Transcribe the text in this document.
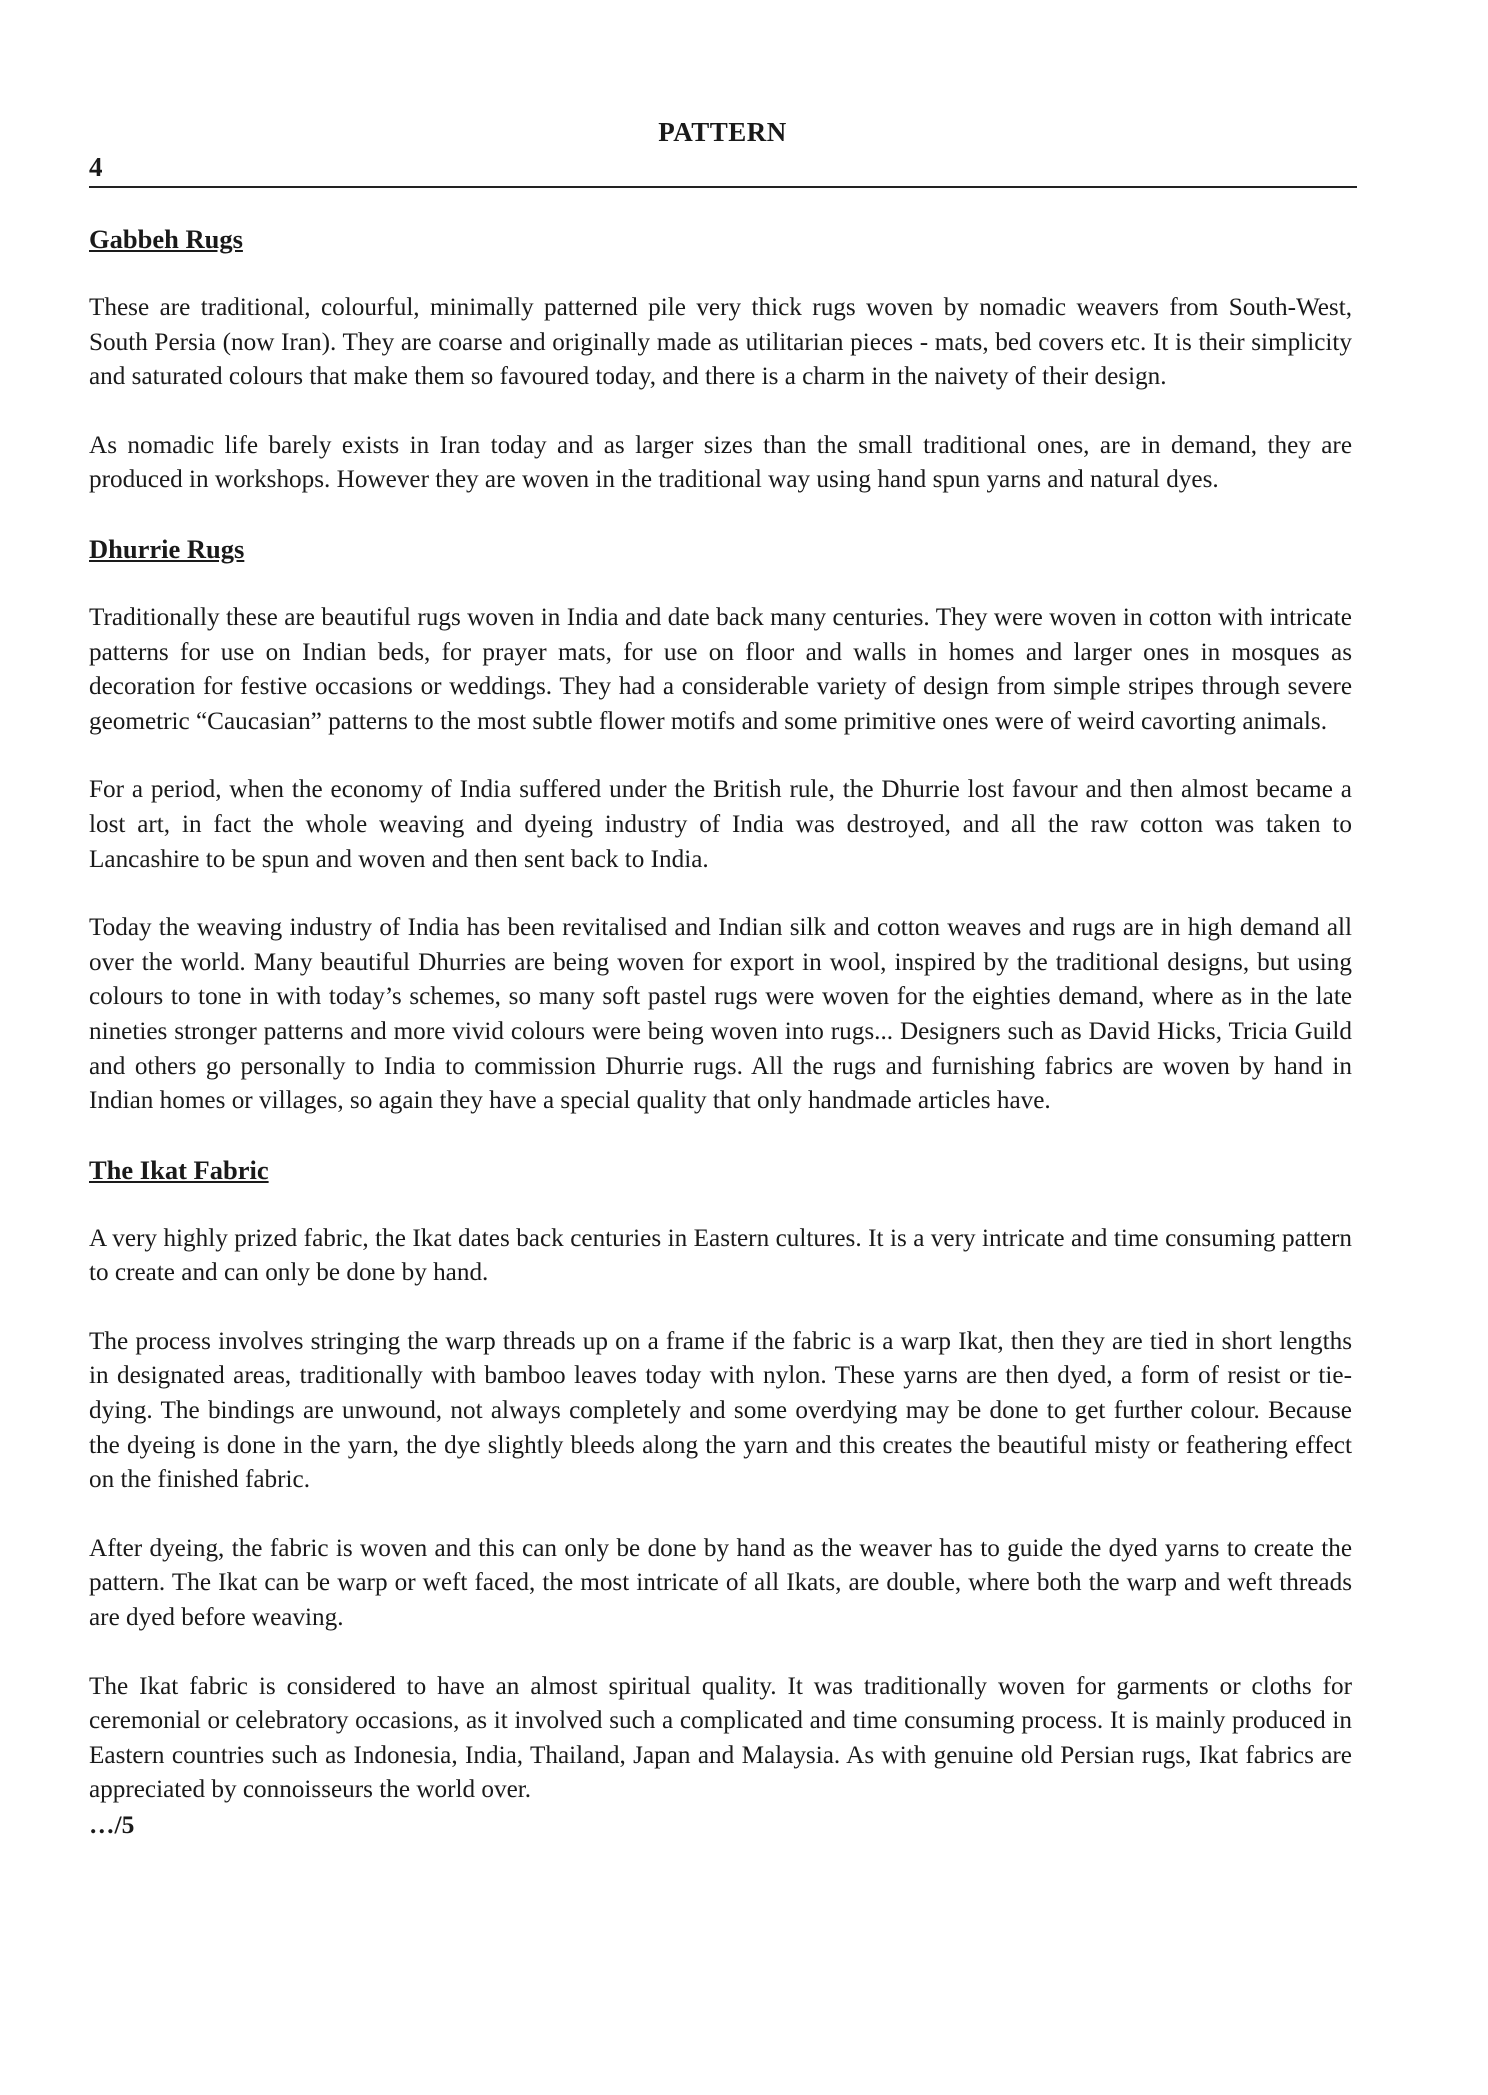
PATTERN
4
Gabbeh Rugs

These are traditional, colourful, minimally patterned pile very thick rugs woven by nomadic weavers from South-West, South Persia (now Iran). They are coarse and originally made as utilitarian pieces - mats, bed covers etc. It is their simplicity and saturated colours that make them so favoured today, and there is a charm in the naivety of their design.

As nomadic life barely exists in Iran today and as larger sizes than the small traditional ones, are in demand, they are produced in workshops. However they are woven in the traditional way using hand spun yarns and natural dyes.

Dhurrie Rugs

Traditionally these are beautiful rugs woven in India and date back many centuries. They were woven in cotton with intricate patterns for use on Indian beds, for prayer mats, for use on floor and walls in homes and larger ones in mosques as decoration for festive occasions or weddings. They had a considerable variety of design from simple stripes through severe geometric “Caucasian” patterns to the most subtle flower motifs and some primitive ones were of weird cavorting animals.

For a period, when the economy of India suffered under the British rule, the Dhurrie lost favour and then almost became a lost art, in fact the whole weaving and dyeing industry of India was destroyed, and all the raw cotton was taken to Lancashire to be spun and woven and then sent back to India.

Today the weaving industry of India has been revitalised and Indian silk and cotton weaves and rugs are in high demand all over the world. Many beautiful Dhurries are being woven for export in wool, inspired by the traditional designs, but using colours to tone in with today’s schemes, so many soft pastel rugs were woven for the eighties demand, where as in the late nineties stronger patterns and more vivid colours were being woven into rugs... Designers such as David Hicks, Tricia Guild and others go personally to India to commission Dhurrie rugs. All the rugs and furnishing fabrics are woven by hand in Indian homes or villages, so again they have a special quality that only handmade articles have.

The Ikat Fabric

A very highly prized fabric, the Ikat dates back centuries in Eastern cultures. It is a very intricate and time consuming pattern to create and can only be done by hand.

The process involves stringing the warp threads up on a frame if the fabric is a warp Ikat, then they are tied in short lengths in designated areas, traditionally with bamboo leaves today with nylon. These yarns are then dyed, a form of resist or tie-dying. The bindings are unwound, not always completely and some overdying may be done to get further colour. Because the dyeing is done in the yarn, the dye slightly bleeds along the yarn and this creates the beautiful misty or feathering effect on the finished fabric.

After dyeing, the fabric is woven and this can only be done by hand as the weaver has to guide the dyed yarns to create the pattern. The Ikat can be warp or weft faced, the most intricate of all Ikats, are double, where both the warp and weft threads are dyed before weaving.

The Ikat fabric is considered to have an almost spiritual quality. It was traditionally woven for garments or cloths for ceremonial or celebratory occasions, as it involved such a complicated and time consuming process. It is mainly produced in Eastern countries such as Indonesia, India, Thailand, Japan and Malaysia. As with genuine old Persian rugs, Ikat fabrics are appreciated by connoisseurs the world over.

…/5
